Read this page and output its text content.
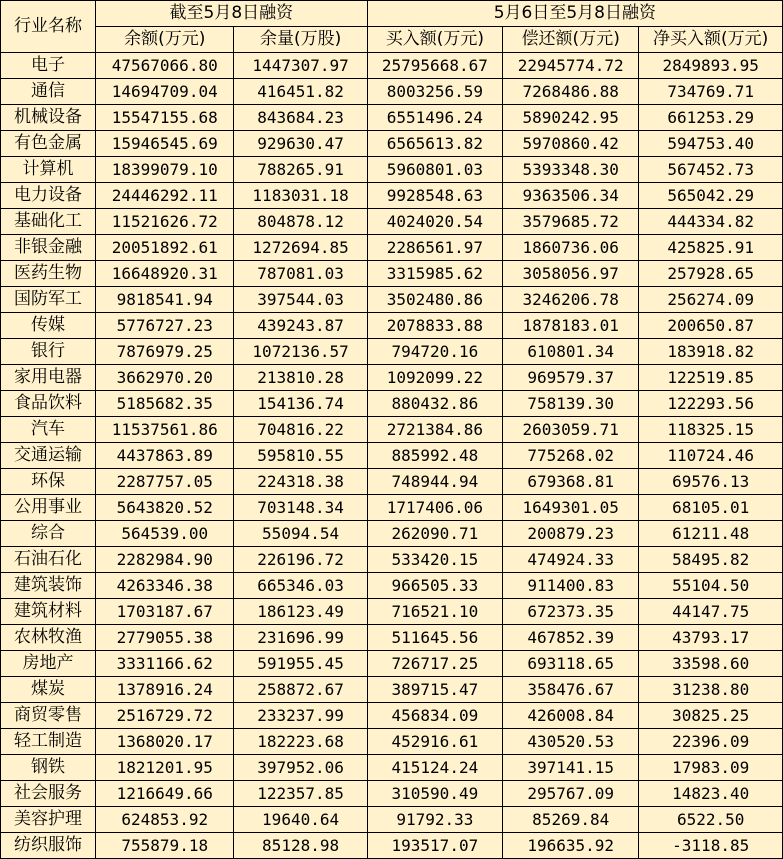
行业名称	截至5月8日融资		5月6日至5月8日融资		
	余额(万元)	余量(万股)	买入额(万元)	偿还额(万元)	净买入额(万元)
电子	47567066.80	1447307.97	25795668.67	22945774.72	2849893.95
通信	14694709.04	416451.82	8003256.59	7268486.88	734769.71
机械设备	15547155.68	843684.23	6551496.24	5890242.95	661253.29
有色金属	15946545.69	929630.47	6565613.82	5970860.42	594753.40
计算机	18399079.10	788265.91	5960801.03	5393348.30	567452.73
电力设备	24446292.11	1183031.18	9928548.63	9363506.34	565042.29
基础化工	11521626.72	804878.12	4024020.54	3579685.72	444334.82
非银金融	20051892.61	1272694.85	2286561.97	1860736.06	425825.91
医药生物	16648920.31	787081.03	3315985.62	3058056.97	257928.65
国防军工	9818541.94	397544.03	3502480.86	3246206.78	256274.09
传媒	5776727.23	439243.87	2078833.88	1878183.01	200650.87
银行	7876979.25	1072136.57	794720.16	610801.34	183918.82
家用电器	3662970.20	213810.28	1092099.22	969579.37	122519.85
食品饮料	5185682.35	154136.74	880432.86	758139.30	122293.56
汽车	11537561.86	704816.22	2721384.86	2603059.71	118325.15
交通运输	4437863.89	595810.55	885992.48	775268.02	110724.46
环保	2287757.05	224318.38	748944.94	679368.81	69576.13
公用事业	5643820.52	703148.34	1717406.06	1649301.05	68105.01
综合	564539.00	55094.54	262090.71	200879.23	61211.48
石油石化	2282984.90	226196.72	533420.15	474924.33	58495.82
建筑装饰	4263346.38	665346.03	966505.33	911400.83	55104.50
建筑材料	1703187.67	186123.49	716521.10	672373.35	44147.75
农林牧渔	2779055.38	231696.99	511645.56	467852.39	43793.17
房地产	3331166.62	591955.45	726717.25	693118.65	33598.60
煤炭	1378916.24	258872.67	389715.47	358476.67	31238.80
商贸零售	2516729.72	233237.99	456834.09	426008.84	30825.25
轻工制造	1368020.17	182223.68	452916.61	430520.53	22396.09
钢铁	1821201.95	397952.06	415124.24	397141.15	17983.09
社会服务	1216649.66	122357.85	310590.49	295767.09	14823.40
美容护理	624853.92	19640.64	91792.33	85269.84	6522.50
纺织服饰	755879.18	85128.98	193517.07	196635.92	-3118.85
